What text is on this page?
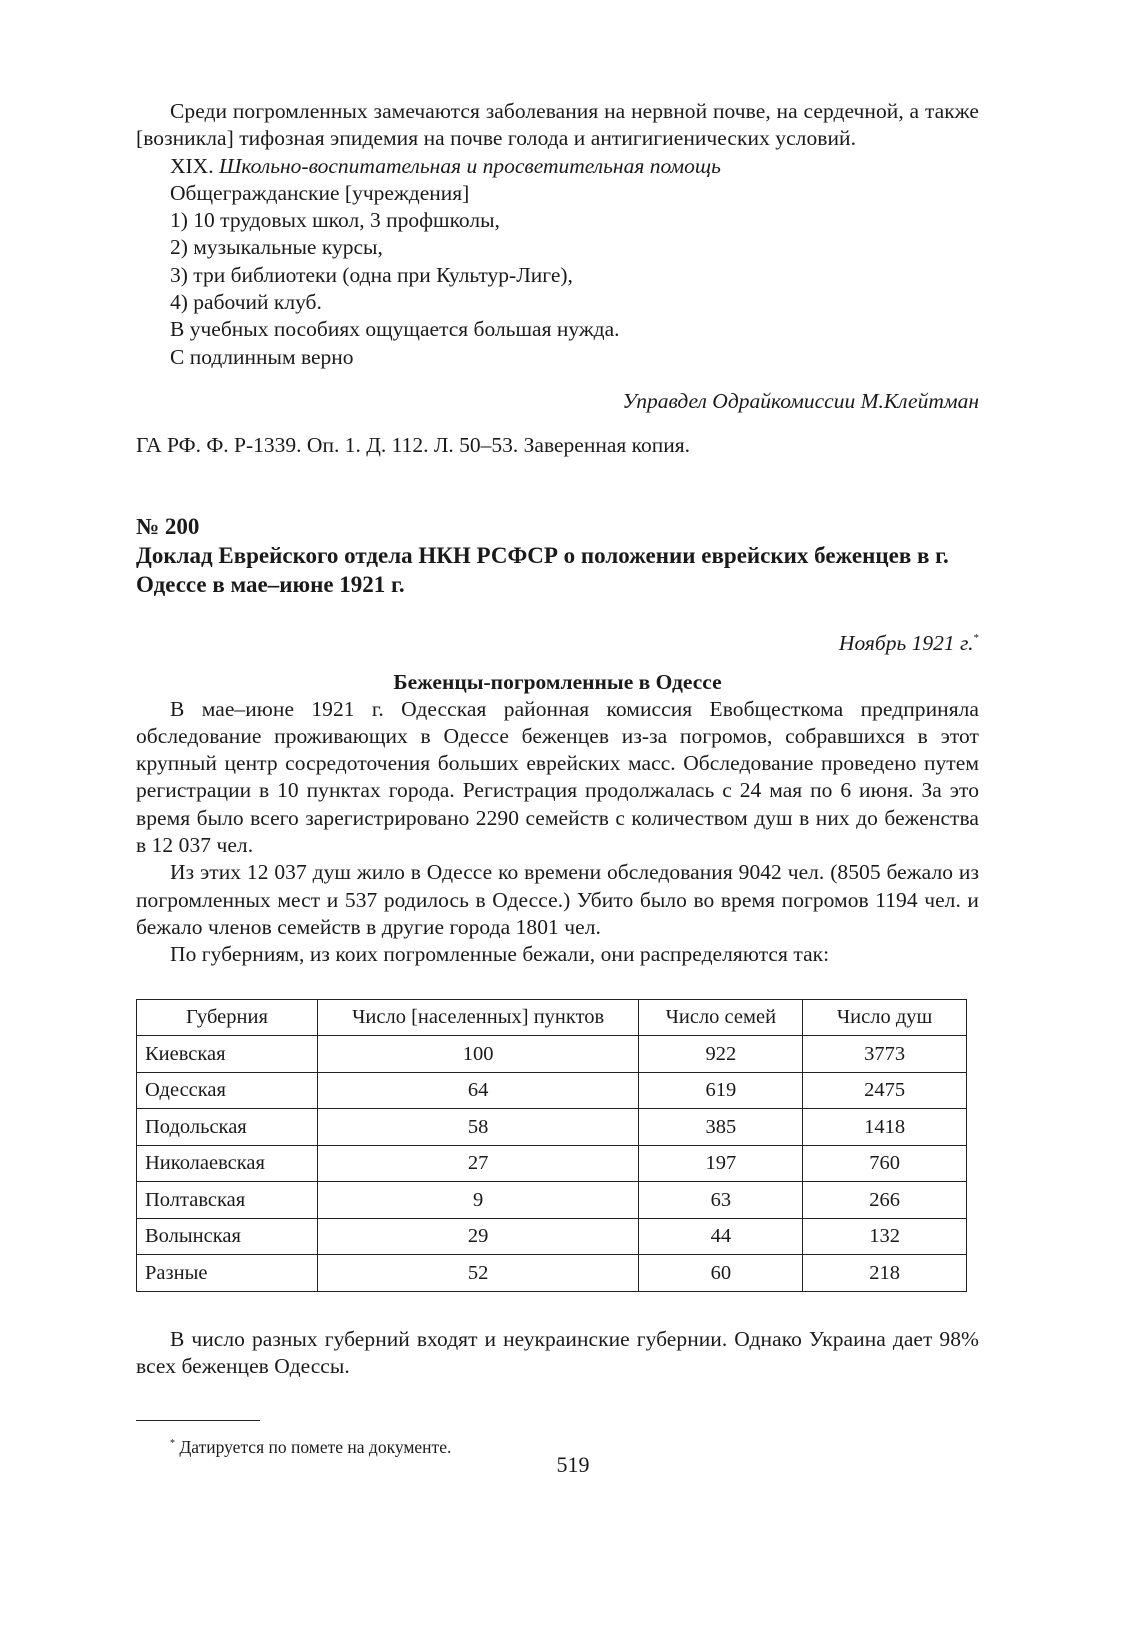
Среди погромленных замечаются заболевания на нервной почве, на сердечной, а также [возникла] тифозная эпидемия на почве голода и антигигиенических условий.

XIX. Школьно-воспитательная и просветительная помощь

Общегражданские [учреждения]

1) 10 трудовых школ, 3 профшколы,

2) музыкальные курсы,

3) три библиотеки (одна при Культур-Лиге),

4) рабочий клуб.

В учебных пособиях ощущается большая нужда.

С подлинным верно

Управдел Одрайкомиссии М.Клейтман

ГА РФ. Ф. Р-1339. Оп. 1. Д. 112. Л. 50–53. Заверенная копия.

№ 200

Доклад Еврейского отдела НКН РСФСР о положении еврейских беженцев в г. Одессе в мае–июне 1921 г.

Ноябрь 1921 г.*

Беженцы-погромленные в Одессе

В мае–июне 1921 г. Одесская районная комиссия Евобщесткома предприняла обследование проживающих в Одессе беженцев из-за погромов, собравшихся в этот крупный центр сосредоточения больших еврейских масс. Обследование проведено путем регистрации в 10 пунктах города. Регистрация продолжалась с 24 мая по 6 июня. За это время было всего зарегистрировано 2290 семейств с количеством душ в них до беженства в 12 037 чел.

Из этих 12 037 душ жило в Одессе ко времени обследования 9042 чел. (8505 бежало из погромленных мест и 537 родилось в Одессе.) Убито было во время погромов 1194 чел. и бежало членов семейств в другие города 1801 чел.

По губерниям, из коих погромленные бежали, они распределяются так:

Губерния	Число [населенных] пунктов	Число семей	Число душ
Киевская	100	922	3773
Одесская	64	619	2475
Подольская	58	385	1418
Николаевская	27	197	760
Полтавская	9	63	266
Волынская	29	44	132
Разные	52	60	218

В число разных губерний входят и неукраинские губернии. Однако Украина дает 98% всех беженцев Одессы.

* Датируется по помете на документе.

519
